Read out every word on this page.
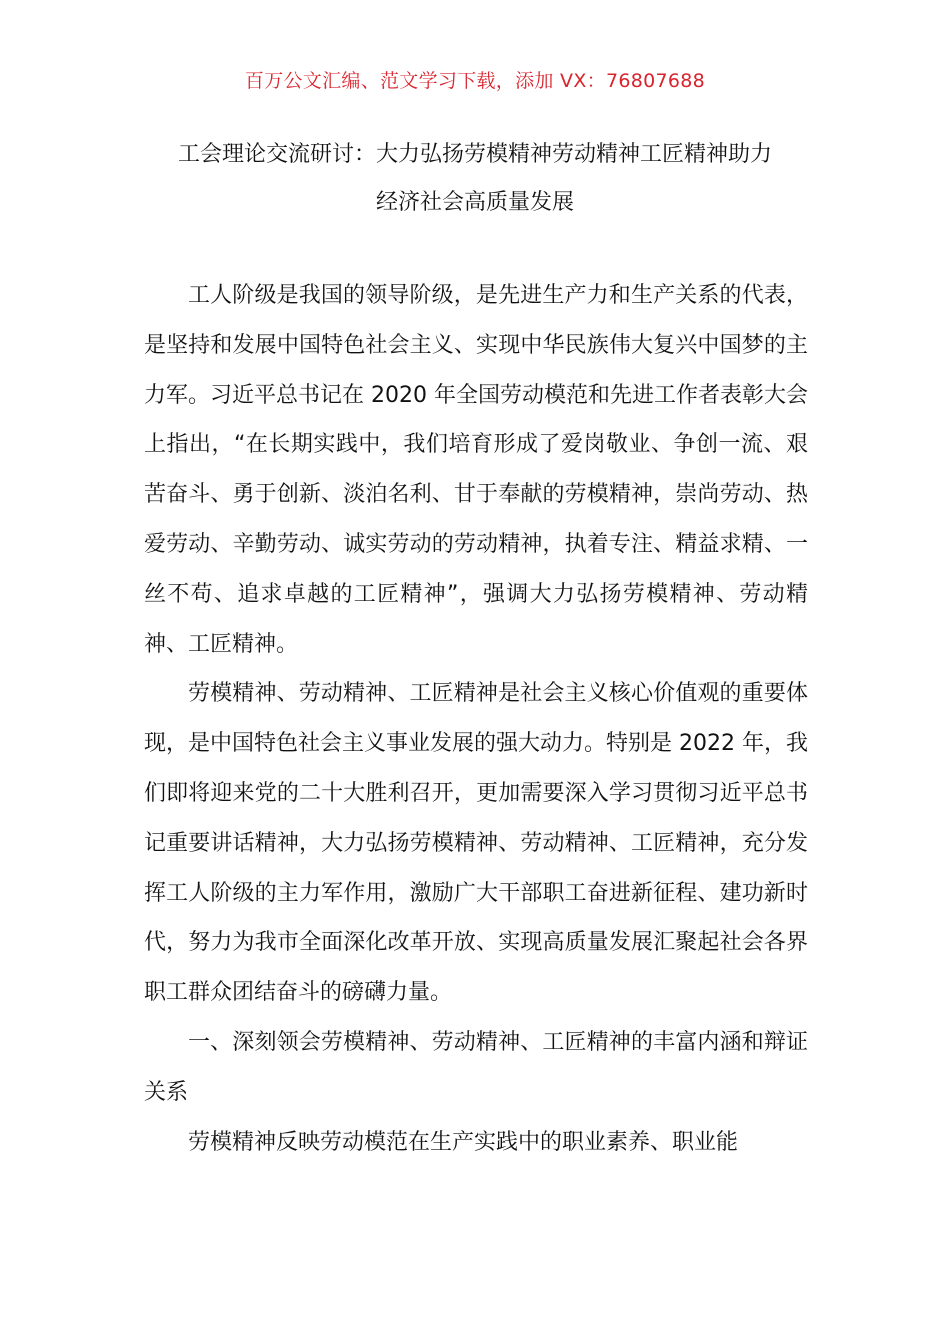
百万公文汇编、范文学习下载，添加 VX：76807688
工会理论交流研讨：大力弘扬劳模精神劳动精神工匠精神助力
经济社会高质量发展

工人阶级是我国的领导阶级，是先进生产力和生产关系的代表，是坚持和发展中国特色社会主义、实现中华民族伟大复兴中国梦的主力军。习近平总书记在 2020 年全国劳动模范和先进工作者表彰大会上指出，“在长期实践中，我们培育形成了爱岗敬业、争创一流、艰苦奋斗、勇于创新、淡泊名利、甘于奉献的劳模精神，崇尚劳动、热爱劳动、辛勤劳动、诚实劳动的劳动精神，执着专注、精益求精、一丝不苟、追求卓越的工匠精神”，强调大力弘扬劳模精神、劳动精神、工匠精神。

劳模精神、劳动精神、工匠精神是社会主义核心价值观的重要体现，是中国特色社会主义事业发展的强大动力。特别是 2022 年，我们即将迎来党的二十大胜利召开，更加需要深入学习贯彻习近平总书记重要讲话精神，大力弘扬劳模精神、劳动精神、工匠精神，充分发挥工人阶级的主力军作用，激励广大干部职工奋进新征程、建功新时代，努力为我市全面深化改革开放、实现高质量发展汇聚起社会各界职工群众团结奋斗的磅礴力量。

一、深刻领会劳模精神、劳动精神、工匠精神的丰富内涵和辩证关系

劳模精神反映劳动模范在生产实践中的职业素养、职业能
